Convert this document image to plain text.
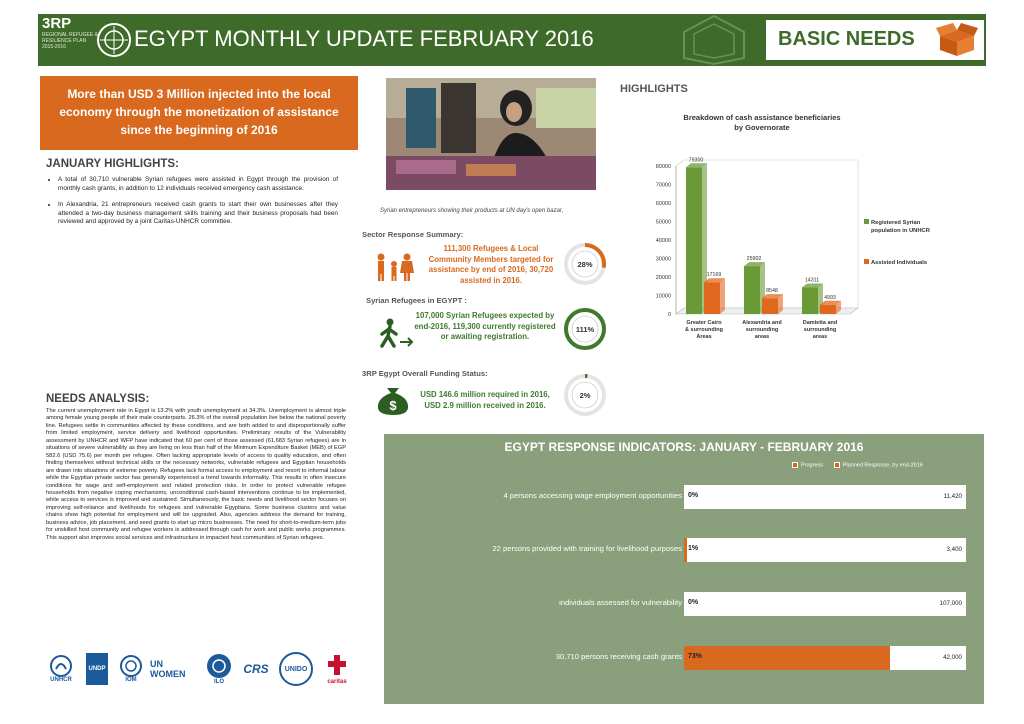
3RP
REGIONAL REFUGEE & RESILIENCE PLAN 2015-2016	EGYPT MONTHLY UPDATE FEBRUARY 2016	BASIC NEEDS
More than USD 3 Million injected into the local economy through the monetization of assistance since the beginning of 2016
JANUARY HIGHLIGHTS:
• A total of 30,710 vulnerable Syrian refugees were assisted in Egypt through the provision of monthly cash grants, in addition to 12 individuals received emergency cash assistance.
• In Alexandria, 21 entrepreneurs received cash grants to start their own businesses after they attended a two-day business management skills training and their business proposals had been reviewed and approved by a joint Caritas-UNHCR committee.
NEEDS ANALYSIS:
The current unemployment rate in Egypt is 13.2% with youth unemployment at 34.3%. Unemployment is almost triple among female young people of their male counterparts. 26.3% of the overall population live below the national poverty line. Refugees settle in communities affected by these conditions, and are both added to and disproportionally suffer from limited employment, service delivery and livelihood opportunities. Preliminary results of the Vulnerability assessment by UNHCR and WFP have indicated that 60 per cent of those assessed (61,683 Syrian refugees) are in situations of severe vulnerability as they are living on less than half of the Minimum Expenditure Basket (MEB) of EGP 582.6 (USD 75.6) per month per refugee. Often lacking appropriate levels of access to quality education, and often finding themselves without technical skills or the necessary networks, vulnerable refugees and Egyptian households are drawn into situations of extreme poverty. Refugees lack formal access to employment and resort to informal labour while the Egyptian private sector has generally experienced a trend towards informality. This results in often insecure conditions for wage and self-employment and related protection risks. In order to protect vulnerable refugee households from negative coping mechanisms, unconditional cash-based interventions continue to be implemented, while access to services is improved and sustained. Simultaneously, the basic needs and livelihood sector focuses on improving self-reliance and livelihoods for refugees and vulnerable Egyptians. Some business clusters and value chains show high potential for employment and will be upgraded. Also, agencies address the demand for training, business advice, job placement, and seed grants to start up micro businesses. The need for short-to-medium-term jobs for unskilled host community and refugee workers is addressed through cash for work and public works programmes. This support also improves social services and infrastructure in impacted host communities of Syrian refugees.
UNHCR
UNDP
IOM
UN WOMEN
ILO
CRS	UNIDO
caritas
Syrian entrepreneurs showing their products at UN day's open bazar,
Sector Response Summary:
111,300 Refugees & Local Community Members targeted for assistance by end of 2016, 30,720 assisted in 2016.
28%
Syrian Refugees in EGYPT :
107,000 Syrian Refugees expected by end-2016, 119,300 currently registered or awaiting registration.
111%
3RP Egypt Overall Funding Status:
$
USD 146.6 million required in 2016, USD 2.9 million received in 2016.
2%
HIGHLIGHTS
Breakdown of cash assistance beneficiaries by Governorate
0
10000
20000
30000
40000
50000
60000
70000
80000
79300
17169
Greater Cairo & surrounding Areas
25902
8548
Alexandria and surrounding areas
14311
4993
Damietta and surrounding areas
Registered Syrian population in UNHCR
Assisted Individuals
EGYPT RESPONSE INDICATORS: JANUARY - FEBRUARY 2016
Progress	Planned Response, by end-2016
4 persons accessing wage employment opportunities 0%	11,420
22 persons provided with training for livelihood purposes 1%	3,400
individuals assessed for vulnerability 0%	107,000
30,710 persons receiving cash grants 73%	42,000
